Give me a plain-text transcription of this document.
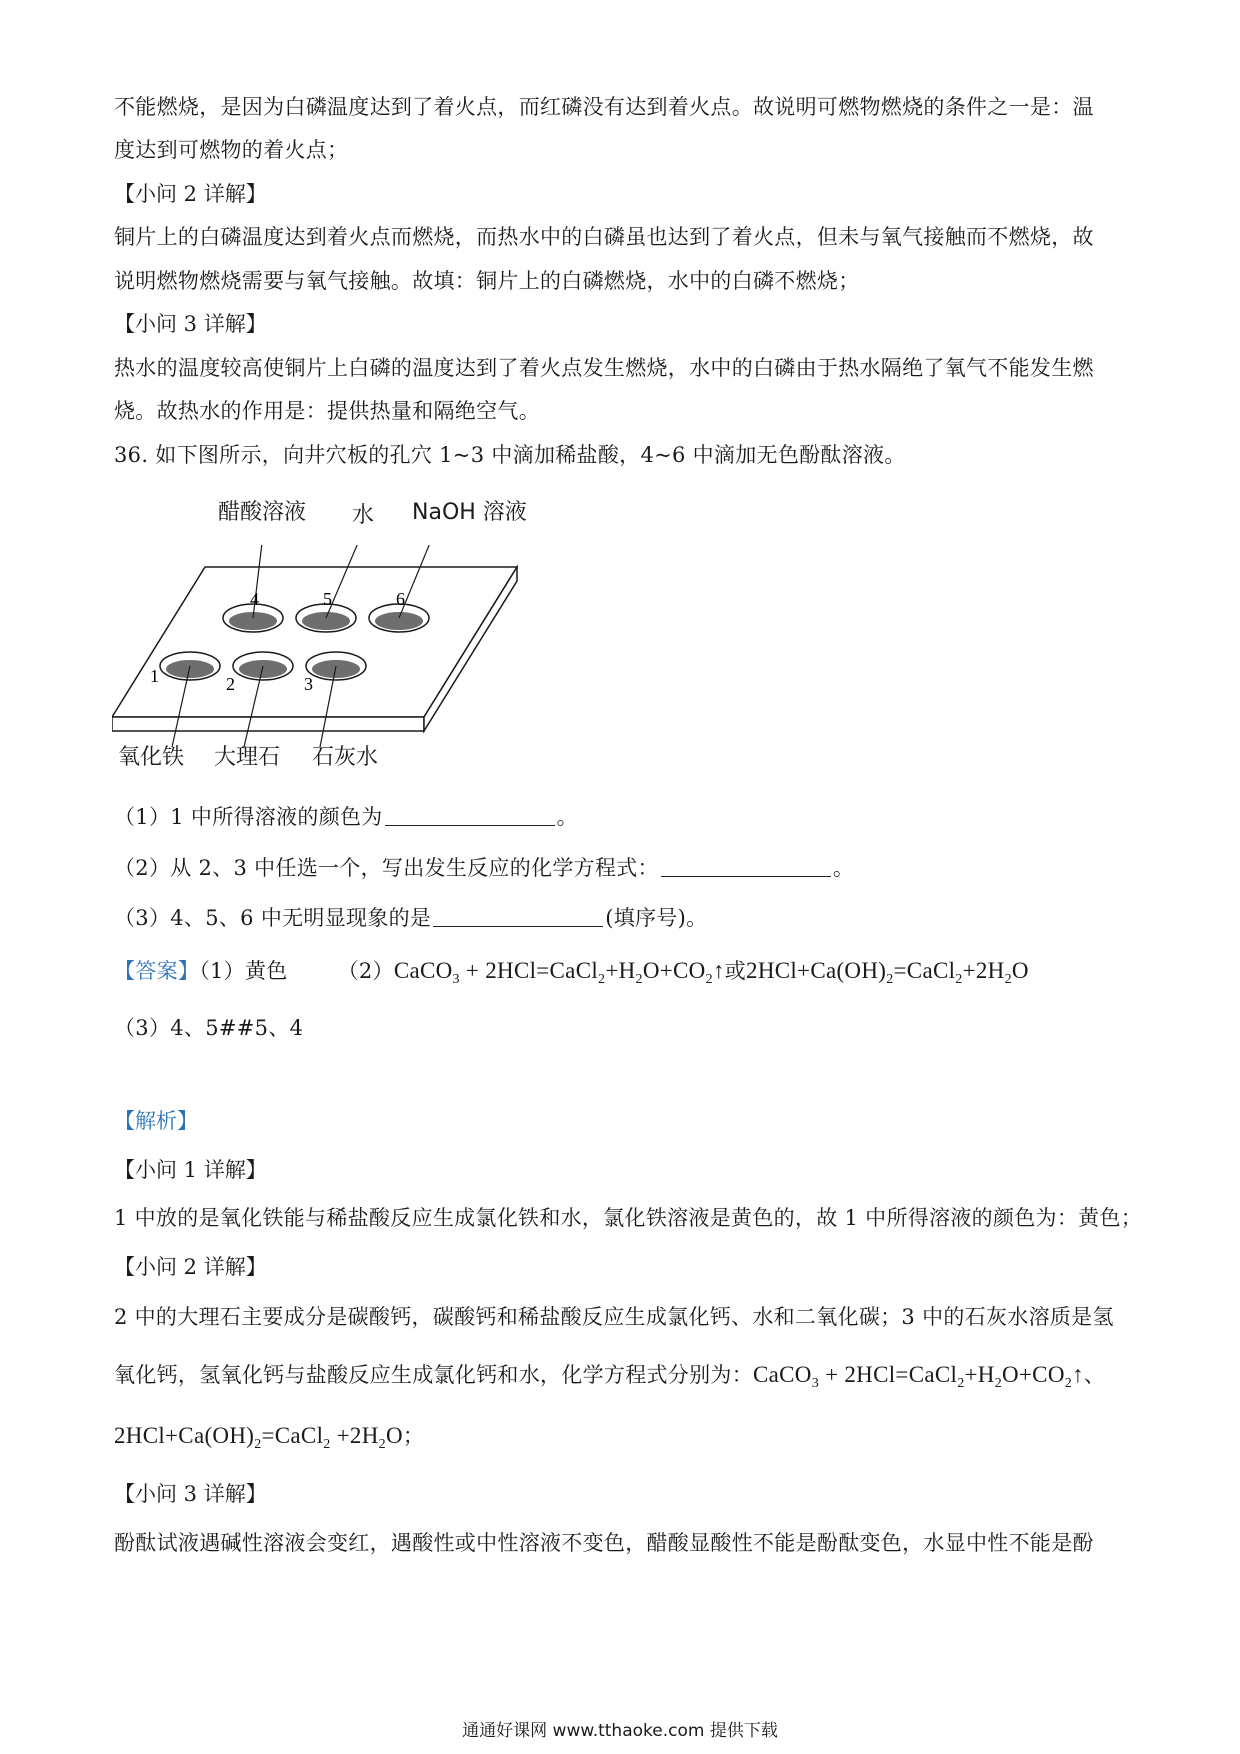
不能燃烧，是因为白磷温度达到了着火点，而红磷没有达到着火点。故说明可燃物燃烧的条件之一是：温
度达到可燃物的着火点；
【小问 2 详解】
铜片上的白磷温度达到着火点而燃烧，而热水中的白磷虽也达到了着火点，但未与氧气接触而不燃烧，故
说明燃物燃烧需要与氧气接触。故填：铜片上的白磷燃烧，水中的白磷不燃烧；
【小问 3 详解】
热水的温度较高使铜片上白磷的温度达到了着火点发生燃烧，水中的白磷由于热水隔绝了氧气不能发生燃
烧。故热水的作用是：提供热量和隔绝空气。
36. 如下图所示，向井穴板的孔穴 1~3 中滴加稀盐酸，4~6 中滴加无色酚酞溶液。
4	5	6
1	2	3
醋酸溶液 水 NaOH 溶液
氧化铁 大理石 石灰水
（1）1 中所得溶液的颜色为	。
（2）从 2、3 中任选一个，写出发生反应的化学方程式：	。
（3）4、5、6 中无明显现象的是	(填序号)。
【答案】（1）黄色 （2）CaCO$_3$ + $2HCl=CaCl_2+H_2O+CO_2↑$或$2HCl+Ca(OH)_2=CaCl_2+2H_2O$
（3）4、5##5、4
【解析】
【小问 1 详解】
1 中放的是氧化铁能与稀盐酸反应生成氯化铁和水，氯化铁溶液是黄色的，故 1 中所得溶液的颜色为：黄色；
【小问 2 详解】
2 中的大理石主要成分是碳酸钙，碳酸钙和稀盐酸反应生成氯化钙、水和二氧化碳；3 中的石灰水溶质是氢
氧化钙，氢氧化钙与盐酸反应生成氯化钙和水，化学方程式分别为：CaCO$_3$ + $2HCl=CaCl_2+H_2O+CO_2↑$、
$2HCl+Ca(OH)_2=CaCl_2 +2H_2O$；
【小问 3 详解】
酚酞试液遇碱性溶液会变红，遇酸性或中性溶液不变色，醋酸显酸性不能是酚酞变色，水显中性不能是酚
通通好课网 www.tthaoke.com 提供下载
